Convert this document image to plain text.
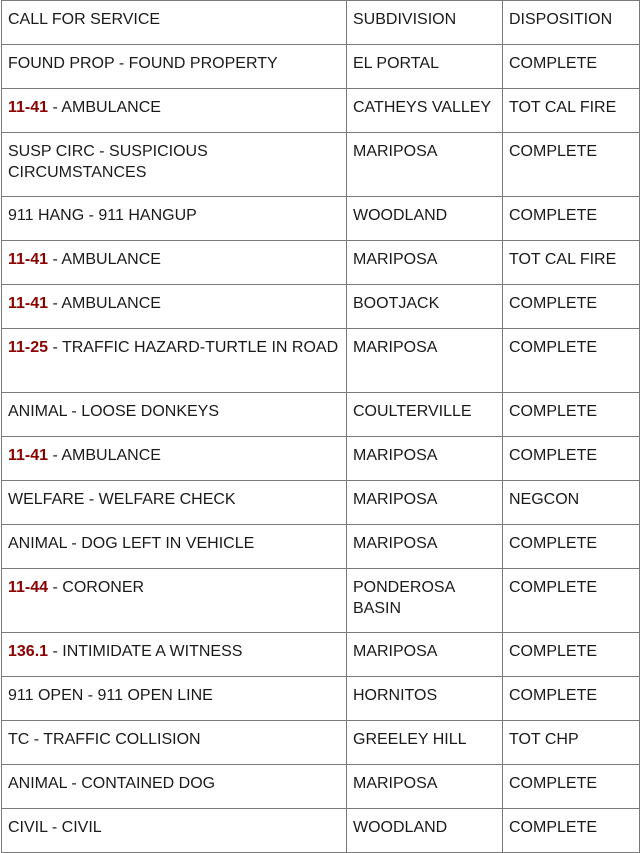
CALL FOR SERVICE	SUBDIVISION	DISPOSITION
FOUND PROP - FOUND PROPERTY	EL PORTAL	COMPLETE
11-41 - AMBULANCE	CATHEYS VALLEY	TOT CAL FIRE
SUSP CIRC - SUSPICIOUS CIRCUMSTANCES	MARIPOSA	COMPLETE
911 HANG - 911 HANGUP	WOODLAND	COMPLETE
11-41 - AMBULANCE	MARIPOSA	TOT CAL FIRE
11-41 - AMBULANCE	BOOTJACK	COMPLETE
11-25 - TRAFFIC HAZARD-TURTLE IN ROAD	MARIPOSA	COMPLETE
ANIMAL - LOOSE DONKEYS	COULTERVILLE	COMPLETE
11-41 - AMBULANCE	MARIPOSA	COMPLETE
WELFARE - WELFARE CHECK	MARIPOSA	NEGCON
ANIMAL - DOG LEFT IN VEHICLE	MARIPOSA	COMPLETE
11-44 - CORONER	PONDEROSA BASIN	COMPLETE
136.1 - INTIMIDATE A WITNESS	MARIPOSA	COMPLETE
911 OPEN - 911 OPEN LINE	HORNITOS	COMPLETE
TC - TRAFFIC COLLISION	GREELEY HILL	TOT CHP
ANIMAL - CONTAINED DOG	MARIPOSA	COMPLETE
CIVIL - CIVIL	WOODLAND	COMPLETE
